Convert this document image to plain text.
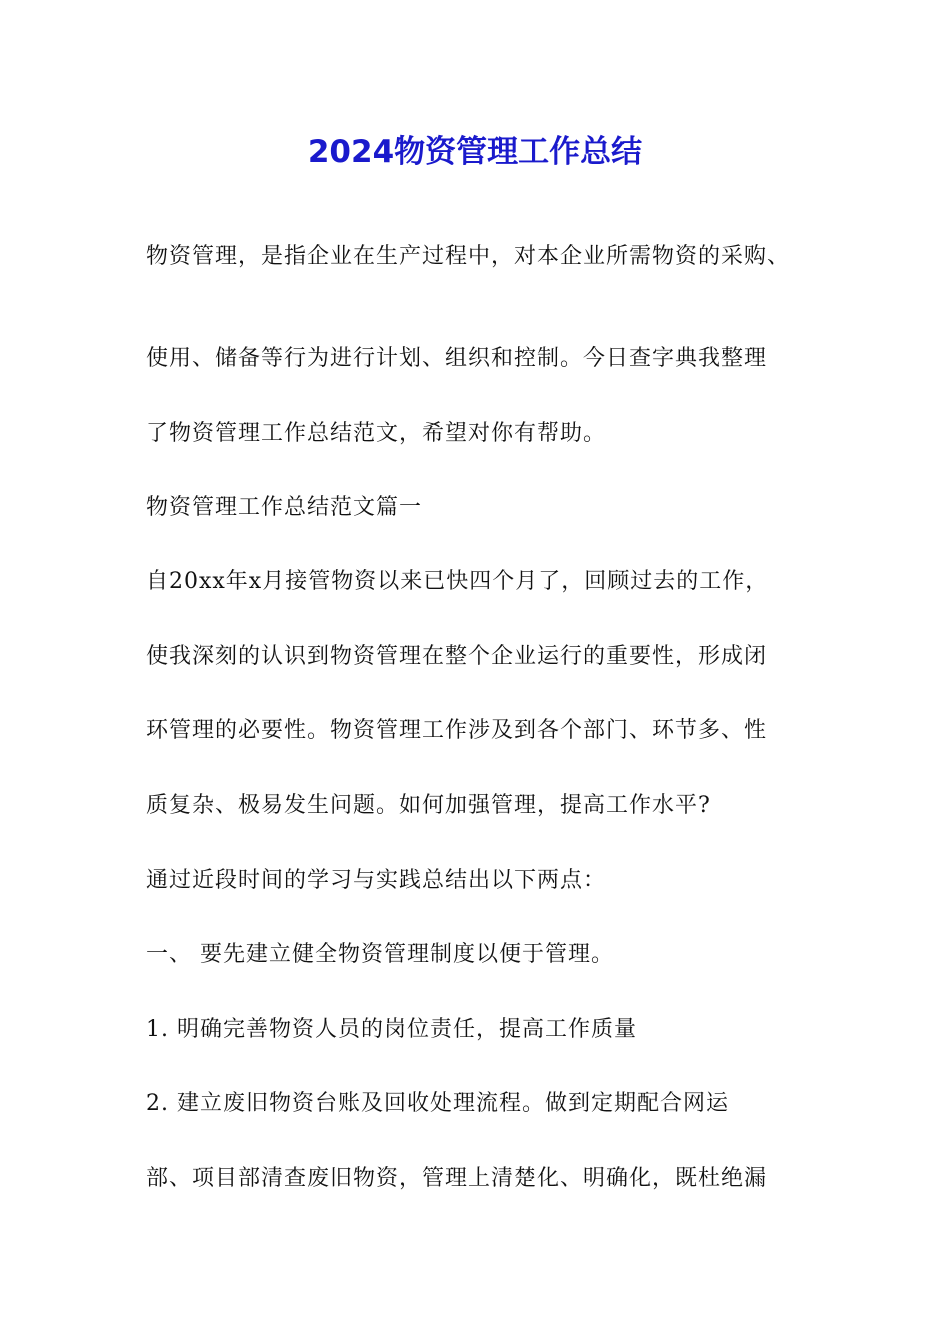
2024物资管理工作总结
物资管理，是指企业在生产过程中，对本企业所需物资的采购、
使用、储备等行为进行计划、组织和控制。今日查字典我整理
了物资管理工作总结范文，希望对你有帮助。
物资管理工作总结范文篇一
自20xx年x月接管物资以来已快四个月了，回顾过去的工作，
使我深刻的认识到物资管理在整个企业运行的重要性，形成闭
环管理的必要性。物资管理工作涉及到各个部门、环节多、性
质复杂、极易发生问题。如何加强管理，提高工作水平?
通过近段时间的学习与实践总结出以下两点：
一、 要先建立健全物资管理制度以便于管理。
1. 明确完善物资人员的岗位责任，提高工作质量
2. 建立废旧物资台账及回收处理流程。做到定期配合网运
部、项目部清查废旧物资，管理上清楚化、明确化，既杜绝漏
